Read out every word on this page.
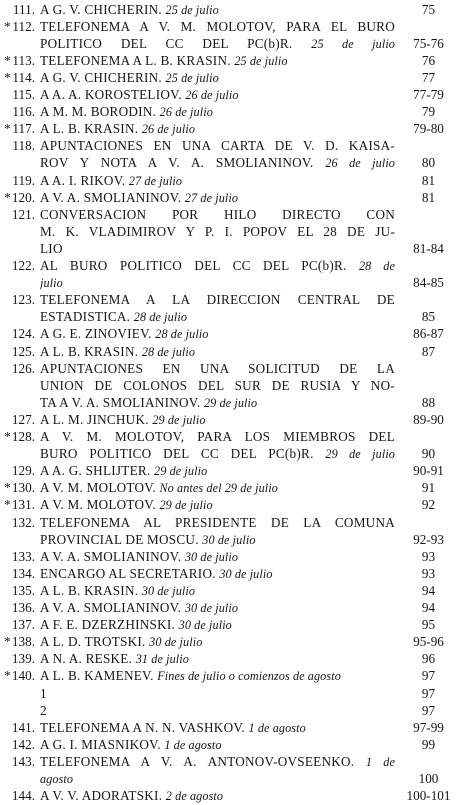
111. A G. V. CHICHERIN. 25 de julio	75
* 112. TELEFONEMA A V. M. MOLOTOV, PARA EL BURO
POLITICO DEL CC DEL PC(b)R. 25 de julio	75-76
* 113. TELEFONEMA A L. B. KRASIN. 25 de julio	76
* 114. A G. V. CHICHERIN. 25 de julio	77
115. A A. A. KOROSTELIOV. 26 de julio	77-79
116. A M. M. BORODIN. 26 de julio	79
* 117. A L. B. KRASIN. 26 de julio	79-80
118. APUNTACIONES EN UNA CARTA DE V. D. KAISA-
ROV Y NOTA A V. A. SMOLIANINOV. 26 de julio	80
119. A A. I. RIKOV. 27 de julio	81
* 120. A V. A. SMOLIANINOV. 27 de julio	81
121. CONVERSACION POR HILO DIRECTO CON
M. K. VLADIMIROV Y P. I. POPOV EL 28 DE JU-
LIO	81-84
122. AL BURO POLITICO DEL CC DEL PC(b)R. 28 de
julio	84-85
123. TELEFONEMA A LA DIRECCION CENTRAL DE
ESTADISTICA. 28 de julio	85
124. A G. E. ZINOVIEV. 28 de julio	86-87
125. A L. B. KRASIN. 28 de julio	87
126. APUNTACIONES EN UNA SOLICITUD DE LA
UNION DE COLONOS DEL SUR DE RUSIA Y NO-
TA A V. A. SMOLIANINOV. 29 de julio	88
127. A L. M. JINCHUK. 29 de julio	89-90
* 128. A V. M. MOLOTOV, PARA LOS MIEMBROS DEL
BURO POLITICO DEL CC DEL PC(b)R. 29 de julio	90
129. A A. G. SHLIJTER. 29 de julio	90-91
* 130. A V. M. MOLOTOV. No antes del 29 de julio	91
* 131. A V. M. MOLOTOV. 29 de julio	92
132. TELEFONEMA AL PRESIDENTE DE LA COMUNA
PROVINCIAL DE MOSCU. 30 de julio	92-93
133. A V. A. SMOLIANINOV. 30 de julio	93
134. ENCARGO AL SECRETARIO. 30 de julio	93
135. A L. B. KRASIN. 30 de julio	94
136. A V. A. SMOLIANINOV. 30 de julio	94
137. A F. E. DZERZHINSKI. 30 de julio	95
* 138. A L. D. TROTSKI. 30 de julio	95-96
139. A N. A. RESKE. 31 de julio	96
* 140. A L. B. KAMENEV. Fines de julio o comienzos de agosto	97
1	97
2	97
141. TELEFONEMA A N. N. VASHKOV. 1 de agosto	97-99
142. A G. I. MIASNIKOV. 1 de agosto	99
143. TELEFONEMA A V. A. ANTONOV-OVSEENKO. 1 de
agosto	100
144. A V. V. ADORATSKI. 2 de agosto	100-101
